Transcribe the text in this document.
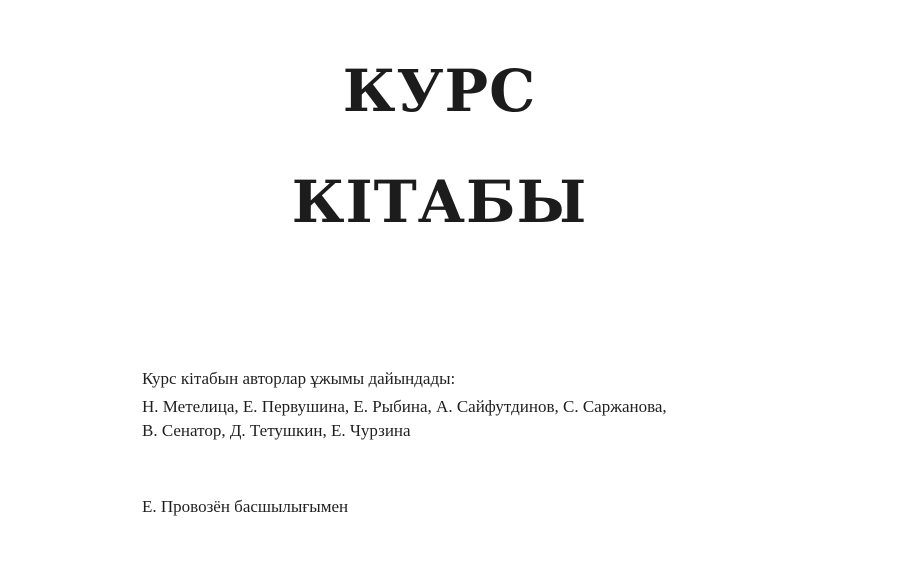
КУРС
КІТАБЫ
Курс кітабын авторлар ұжымы дайындады:
Н. Метелица, Е. Первушина, Е. Рыбина, А. Сайфутдинов, С. Саржанова,
В. Сенатор, Д. Тетушкин, Е. Чурзина
Е. Провозён басшылығымен
